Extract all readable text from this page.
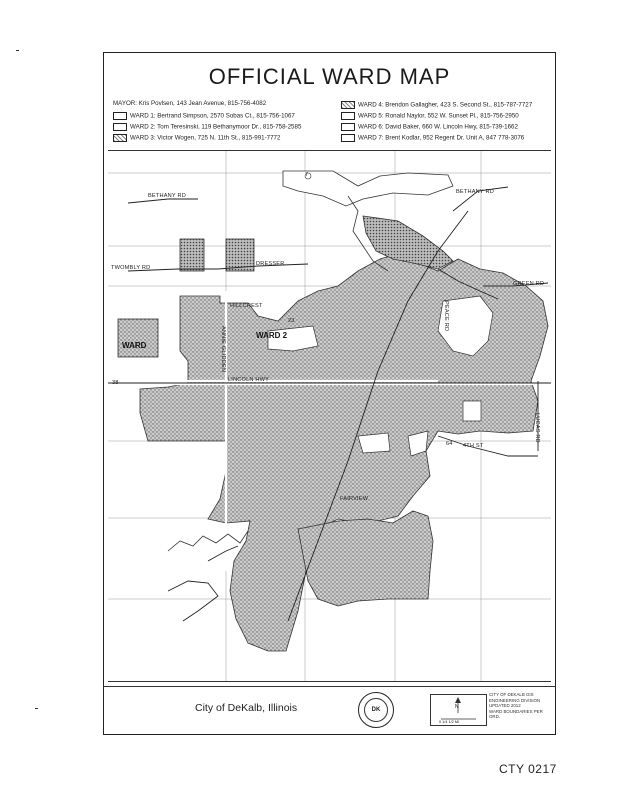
OFFICIAL WARD MAP
MAYOR: Kris Povlsen, 143 Jean Avenue, 815-756-4082
WARD 1: Bertrand Simpson, 2570 Sobas Ct., 815-756-1067
WARD 2: Tom Teresinski, 119 Bethanymoor Dr., 815-758-2585
WARD 3: Victor Wogen, 725 N. 11th St., 815-991-7772
WARD 4: Brendon Gallagher, 423 S. Second St., 815-787-7727
WARD 5: Ronald Naylor, 552 W. Sunset Pl., 815-756-2950
WARD 6: David Baker, 660 W. Lincoln Hwy, 815-739-1662
WARD 7: Brent Kodlar, 952 Regent Dr. Unit A, 847 778-3076
BETHANY RD
BETHANY RD
TWOMBLY RD
DRESSER
HILLCREST
GREEN RD
ANNIE GLIDDEN
LINCOLN HWY
PEACE RD
4TH ST
FAIRVIEW
LUCAS RD
38
23
64
WARD 2
WARD
7
City of DeKalb, Illinois	DK	N
0 1/4 1/2 MI
CITY OF DEKALB GIS
ENGINEERING DIVISION
UPDATED 2012
WARD BOUNDARIES PER ORD.
CTY 0217
